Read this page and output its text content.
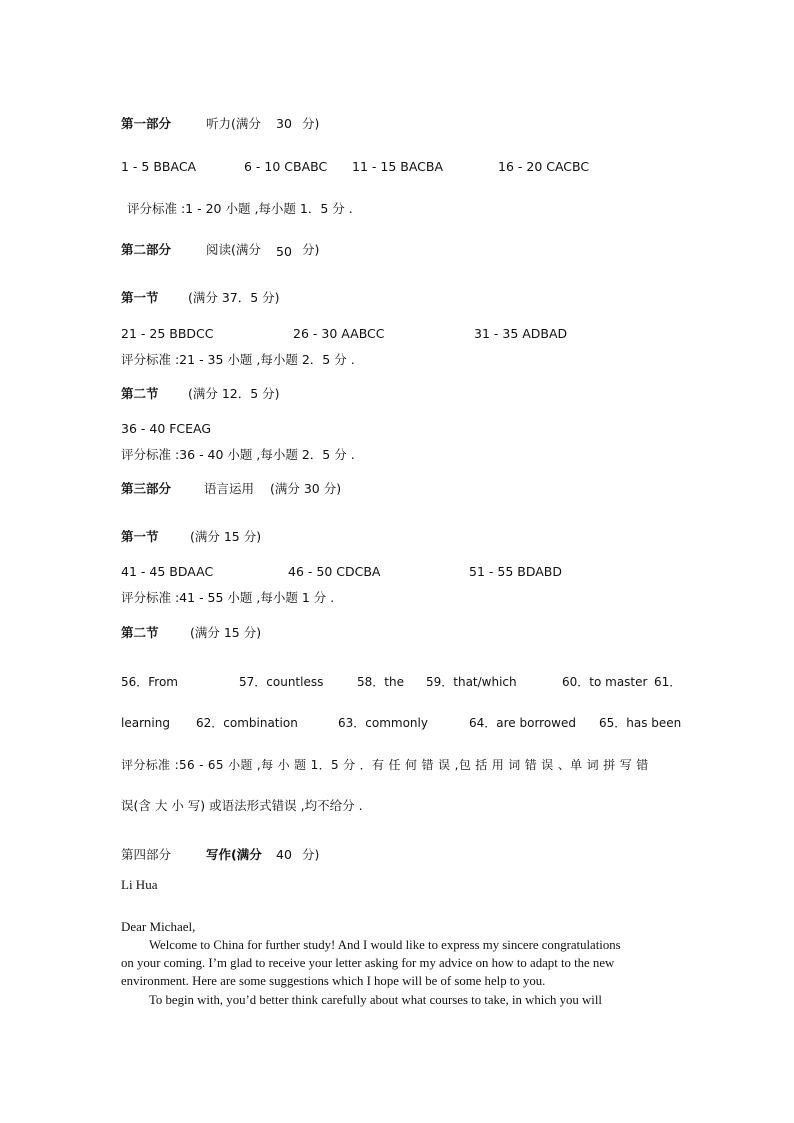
第一部分	听力(满分 30 分)
1 - 5 BBACA	6 - 10 CBABC 11 - 15 BACBA	16 - 20 CACBC
评分标准 :1 - 20 小题 ,每小题 1．5 分 .
第二部分	阅读(满分 50 分)
第一节 (满分 37．5 分)
21 - 25 BBDCC	26 - 30 AABCC	31 - 35 ADBAD
评分标准 :21 - 35 小题 ,每小题 2．5 分 .
第二节 (满分 12．5 分)
36 - 40 FCEAG
评分标准 :36 - 40 小题 ,每小题 2．5 分 .
第三部分	语言运用 (满分 30 分)
第一节	(满分 15 分)
41 - 45 BDAAC	46 - 50 CDCBA	51 - 55 BDABD
评分标准 :41 - 55 小题 ,每小题 1 分 .
第二节	(满分 15 分)
56．From	57．countless	58．the 59．that/which	60．to master 61．
learning 62．combination	63．commonly	64．are borrowed 65．has been
评分标准 :56 - 65 小题 ,每 小 题 1．5 分 ．有 任 何 错 误 ,包 括 用 词 错 误 、单 词 拼 写 错
误(含 大 小 写) 或语法形式错误 ,均不给分 .
第四部分	写作(满分 40 分)
Li Hua
Dear Michael,
Welcome to China for further study! And I would like to express my sincere congratulations
on your coming. I’m glad to receive your letter asking for my advice on how to adapt to the new
environment. Here are some suggestions which I hope will be of some help to you.
To begin with, you’d better think carefully about what courses to take, in which you will
